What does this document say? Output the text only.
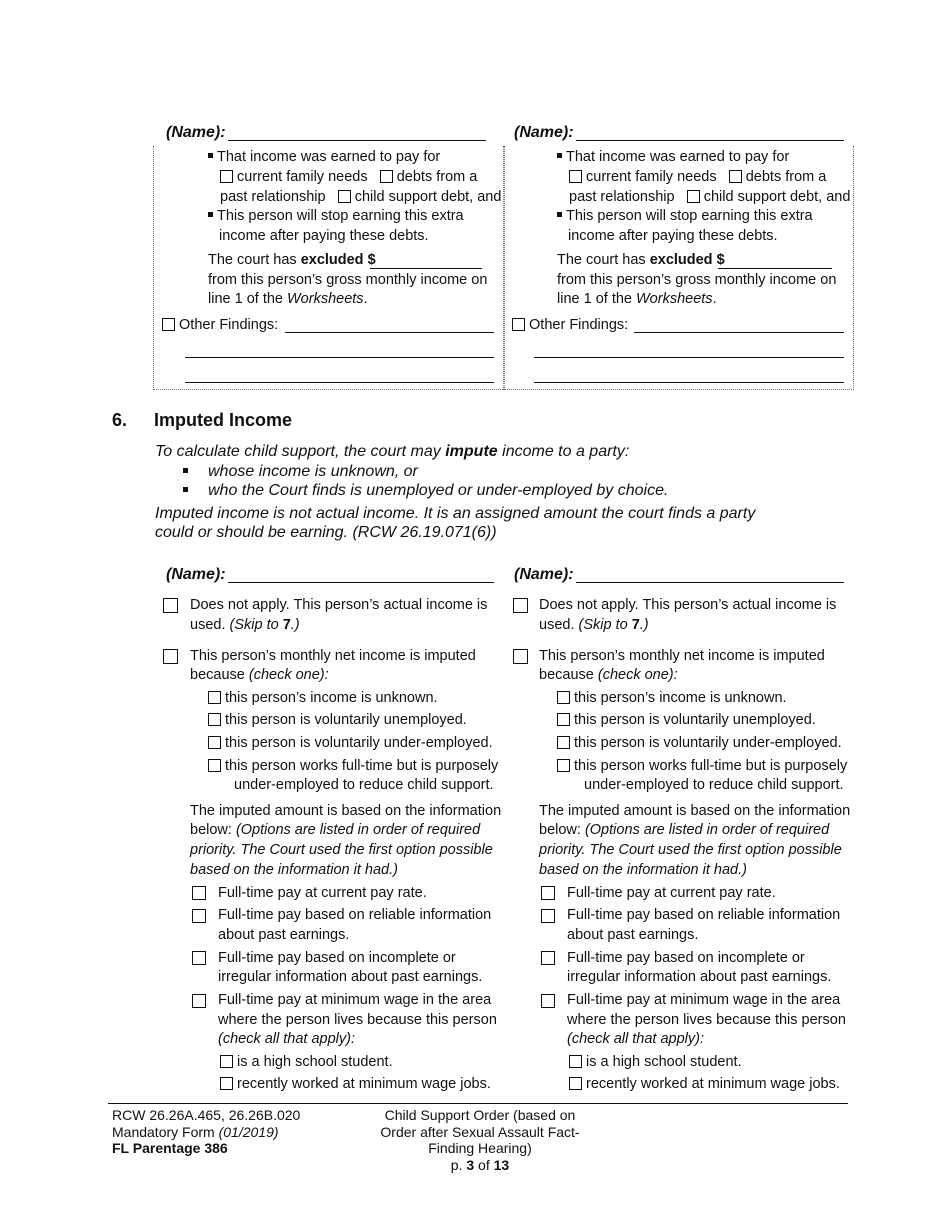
(Name):
That income was earned to pay for
current family needs debts from a
past relationship child support debt, and
This person will stop earning this extra
income after paying these debts.
The court has excluded $
from this person’s gross monthly income on
line 1 of the Worksheets.
Other Findings:
(Name):
That income was earned to pay for
current family needs debts from a
past relationship child support debt, and
This person will stop earning this extra
income after paying these debts.
The court has excluded $
from this person’s gross monthly income on
line 1 of the Worksheets.
Other Findings:
6. Imputed Income
To calculate child support, the court may impute income to a party:
whose income is unknown, or
who the Court finds is unemployed or under-employed by choice.
Imputed income is not actual income. It is an assigned amount the court finds a party
could or should be earning. (RCW 26.19.071(6))
(Name):
Does not apply. This person’s actual income is
used. (Skip to 7.)
This person’s monthly net income is imputed
because (check one):
this person’s income is unknown.
this person is voluntarily unemployed.
this person is voluntarily under-employed.
this person works full-time but is purposely
under-employed to reduce child support.
The imputed amount is based on the information
below: (Options are listed in order of required
priority. The Court used the first option possible
based on the information it had.)
Full-time pay at current pay rate.
Full-time pay based on reliable information
about past earnings.
Full-time pay based on incomplete or
irregular information about past earnings.
Full-time pay at minimum wage in the area
where the person lives because this person
(check all that apply):
is a high school student.
recently worked at minimum wage jobs.
(Name):
Does not apply. This person’s actual income is
used. (Skip to 7.)
This person’s monthly net income is imputed
because (check one):
this person’s income is unknown.
this person is voluntarily unemployed.
this person is voluntarily under-employed.
this person works full-time but is purposely
under-employed to reduce child support.
The imputed amount is based on the information
below: (Options are listed in order of required
priority. The Court used the first option possible
based on the information it had.)
Full-time pay at current pay rate.
Full-time pay based on reliable information
about past earnings.
Full-time pay based on incomplete or
irregular information about past earnings.
Full-time pay at minimum wage in the area
where the person lives because this person
(check all that apply):
is a high school student.
recently worked at minimum wage jobs.
RCW 26.26A.465, 26.26B.020
Mandatory Form (01/2019)
FL Parentage 386
Child Support Order (based on
Order after Sexual Assault Fact-
Finding Hearing)
p. 3 of 13
